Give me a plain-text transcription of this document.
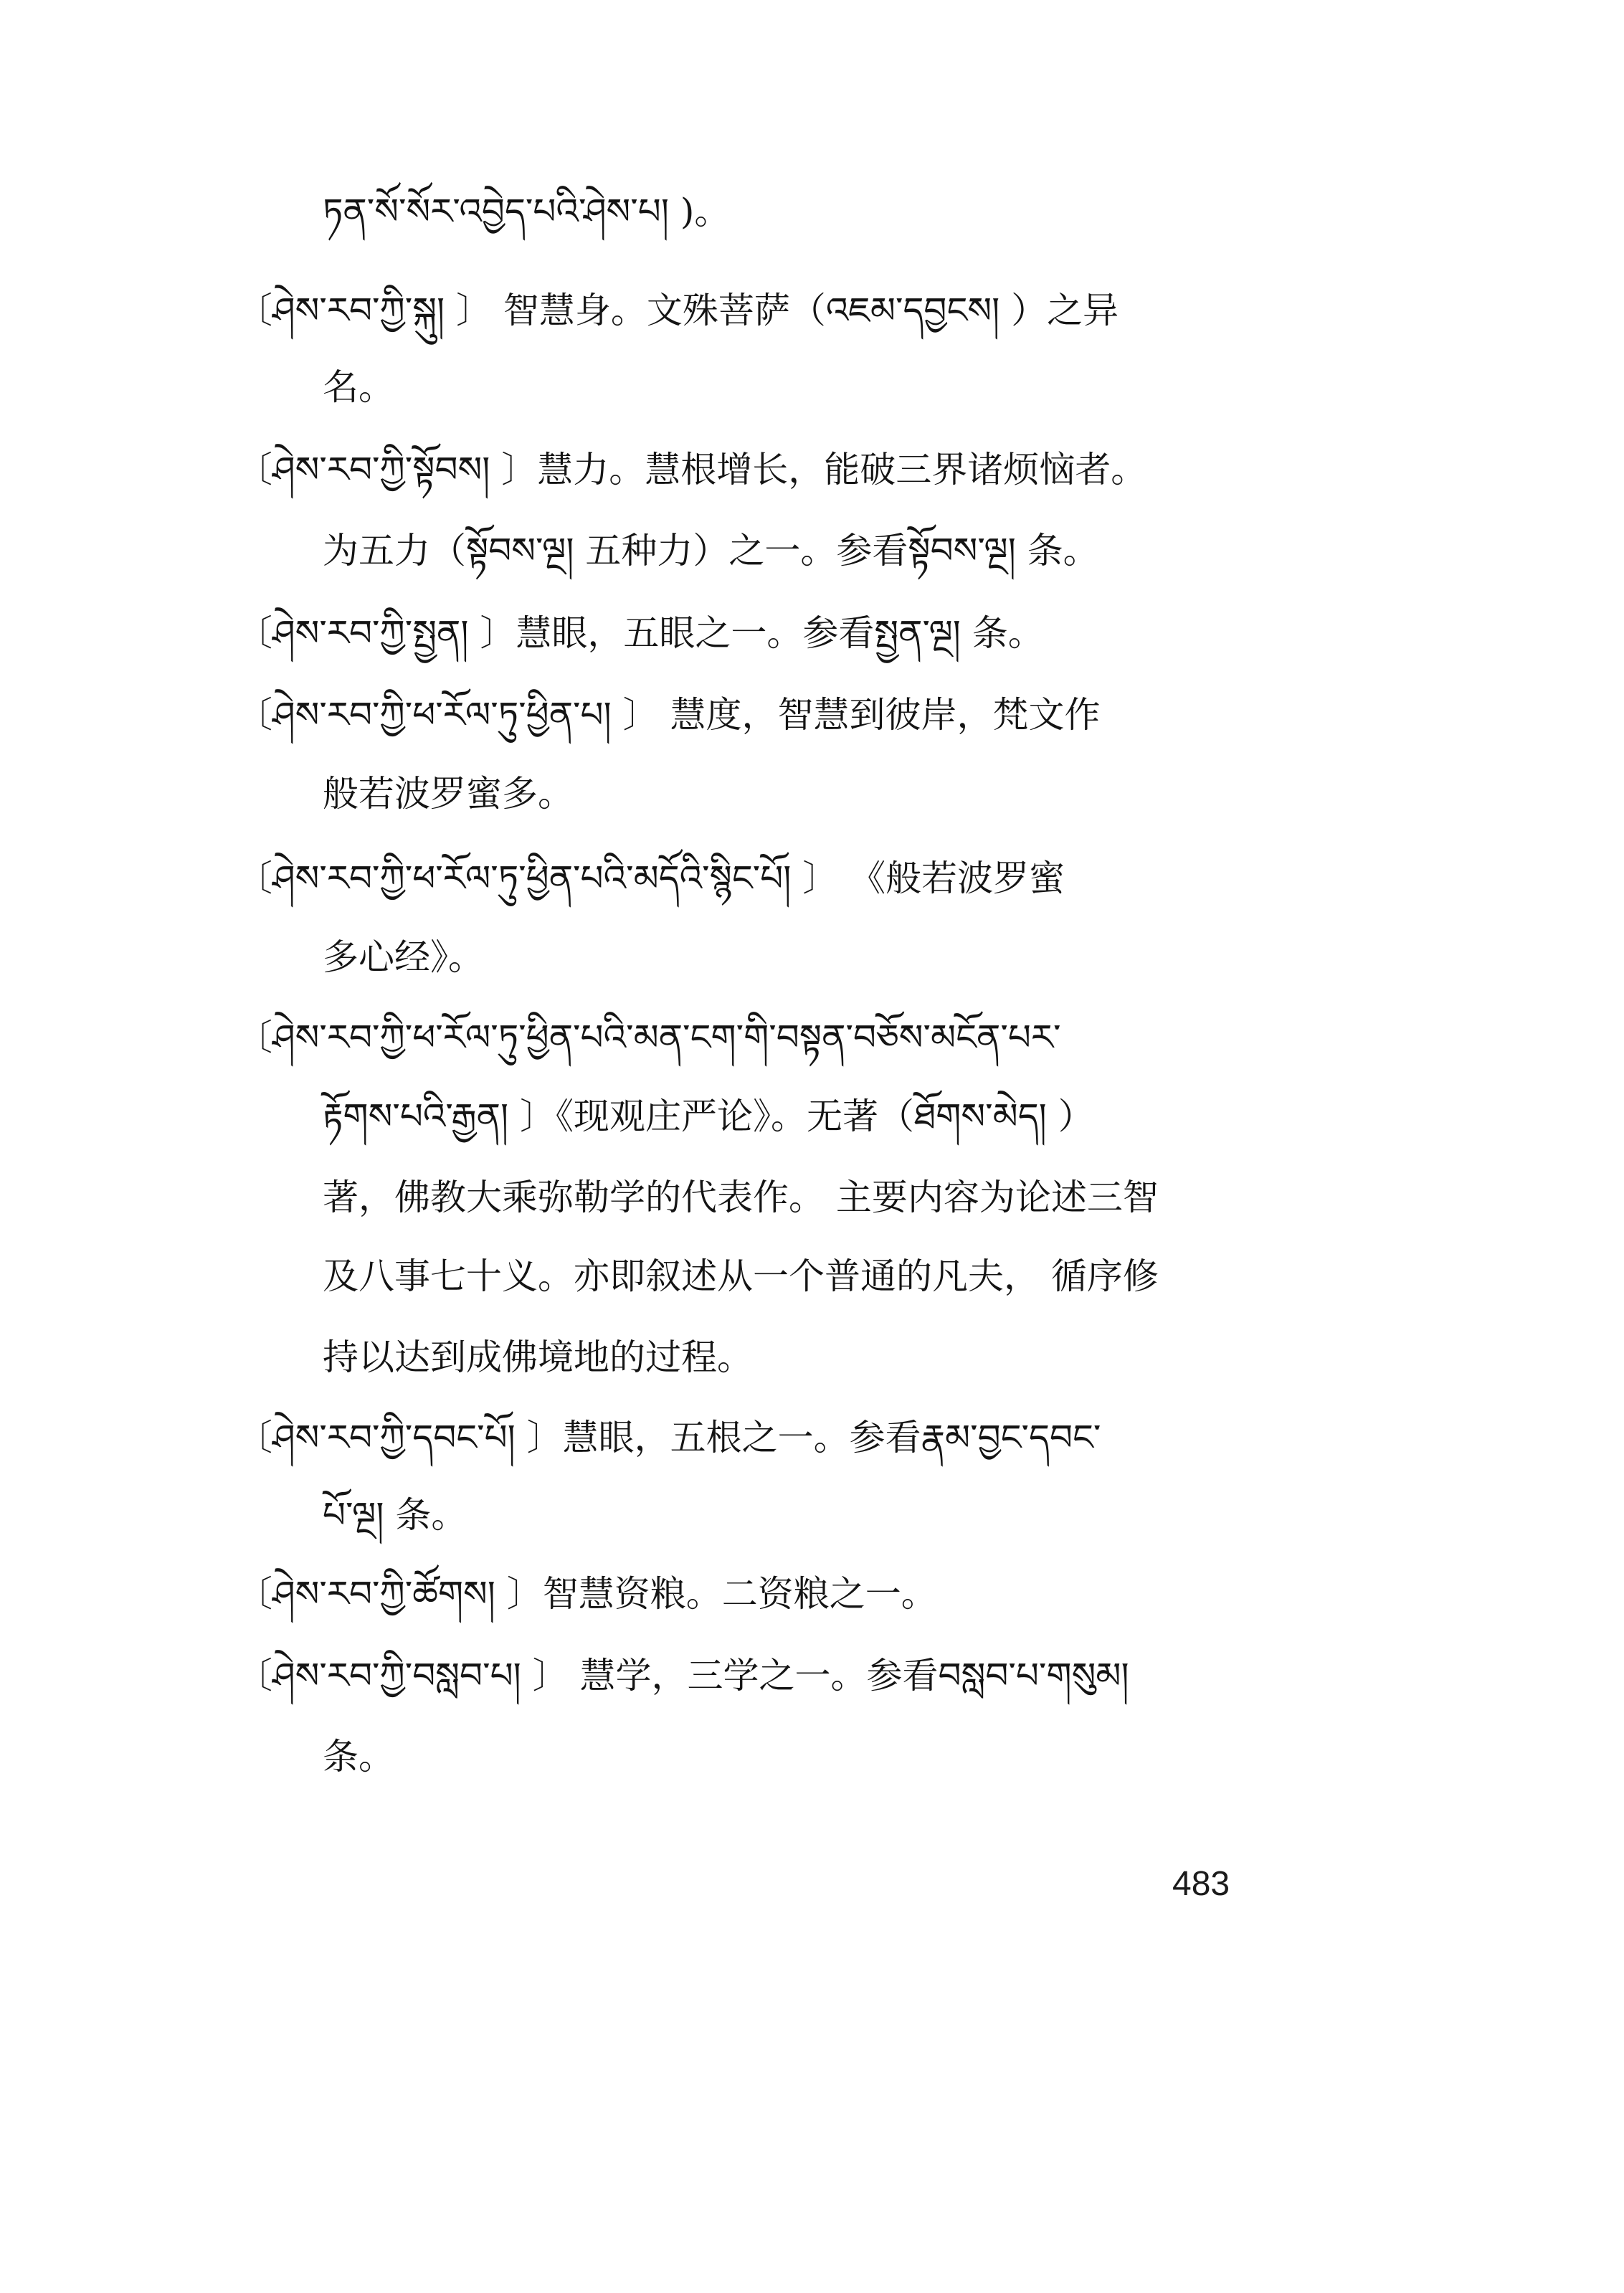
ཏན་སོ་སོར་འབྱེད་པའི་ཤེས་པ། )。
〔ཤེས་རབ་ཀྱི་སྐུ། 〕 智慧身。文殊菩萨（འཇམ་དབྱངས། ）之异
名。
〔ཤེས་རབ་ཀྱི་སྟོབས། 〕慧力。慧根增长，能破三界诸烦恼者。
为五力（སྟོབས་ལྔ། 五种力）之一。参看སྟོབས་ལྔ། 条。
〔ཤེས་རབ་ཀྱི་སྤྱན། 〕慧眼，五眼之一。参看སྤྱན་ལྔ། 条。
〔ཤེས་རབ་ཀྱི་ཕ་རོལ་ཏུ་ཕྱིན་པ། 〕 慧度，智慧到彼岸，梵文作
般若波罗蜜多。
〔ཤེས་རབ་ཀྱི་ཕ་རོལ་ཏུ་ཕྱིན་པའི་མདོའི་སྙིང་པོ། 〕 《般若波罗蜜
多心经》。
〔ཤེས་རབ་ཀྱི་ཕ་རོལ་ཏུ་ཕྱིན་པའི་མན་ངག་གི་བསྟན་བཅོས་མངོན་པར་
རྟོགས་པའི་རྒྱན། 〕《现观庄严论》。无著（ཐོགས་མེད། ）
著，佛教大乘弥勒学的代表作。 主要内容为论述三智
及八事七十义。亦即叙述从一个普通的凡夫， 循序修
持以达到成佛境地的过程。
〔ཤེས་རབ་ཀྱི་དབང་པོ། 〕慧眼，五根之一。参看རྣམ་བྱང་དབང་
པོ་ལྔ། 条。
〔ཤེས་རབ་ཀྱི་ཚོགས། 〕智慧资粮。二资粮之一。
〔ཤེས་རབ་ཀྱི་བསླབ་པ། 〕 慧学，三学之一。参看བསླབ་པ་གསུམ།
条。
483
